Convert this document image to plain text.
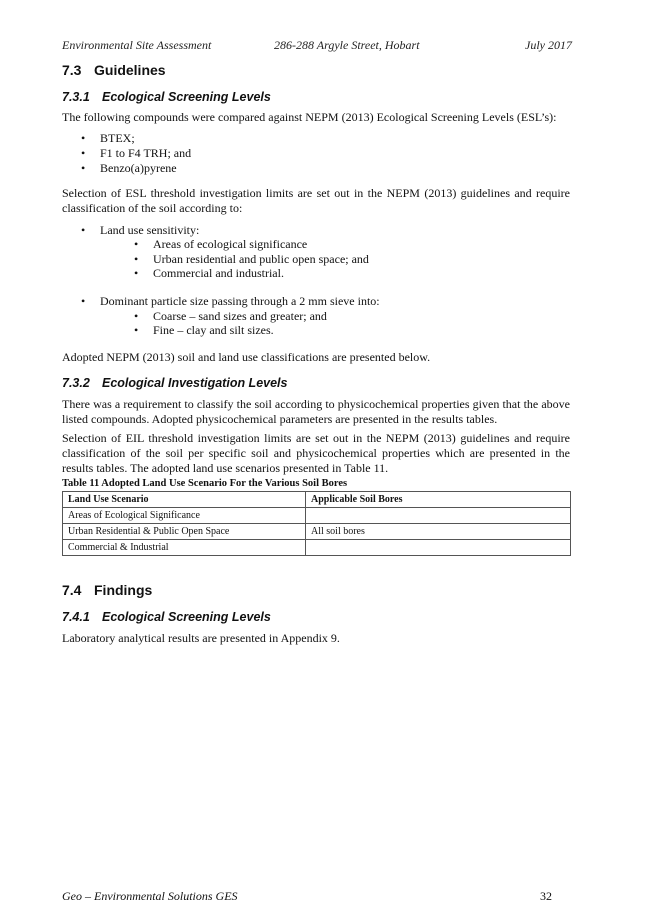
Environmental Site Assessment	286-288 Argyle Street, Hobart	July 2017
7.3 Guidelines
7.3.1 Ecological Screening Levels
The following compounds were compared against NEPM (2013) Ecological Screening Levels (ESL’s):
• BTEX;
• F1 to F4 TRH; and
• Benzo(a)pyrene
Selection of ESL threshold investigation limits are set out in the NEPM (2013) guidelines and require classification of the soil according to:
• Land use sensitivity:
• Areas of ecological significance
• Urban residential and public open space; and
• Commercial and industrial.
• Dominant particle size passing through a 2 mm sieve into:
• Coarse – sand sizes and greater; and
• Fine – clay and silt sizes.
Adopted NEPM (2013) soil and land use classifications are presented below.
7.3.2 Ecological Investigation Levels
There was a requirement to classify the soil according to physicochemical properties given that the above listed compounds. Adopted physicochemical parameters are presented in the results tables.
Selection of EIL threshold investigation limits are set out in the NEPM (2013) guidelines and require classification of the soil per specific soil and physicochemical properties which are presented in the results tables. The adopted land use scenarios presented in Table 11.
Table 11 Adopted Land Use Scenario For the Various Soil Bores
Land Use Scenario	Applicable Soil Bores
Areas of Ecological Significance	
Urban Residential & Public Open Space	All soil bores
Commercial & Industrial	
7.4 Findings
7.4.1 Ecological Screening Levels
Laboratory analytical results are presented in Appendix 9.
Geo – Environmental Solutions GES	32
